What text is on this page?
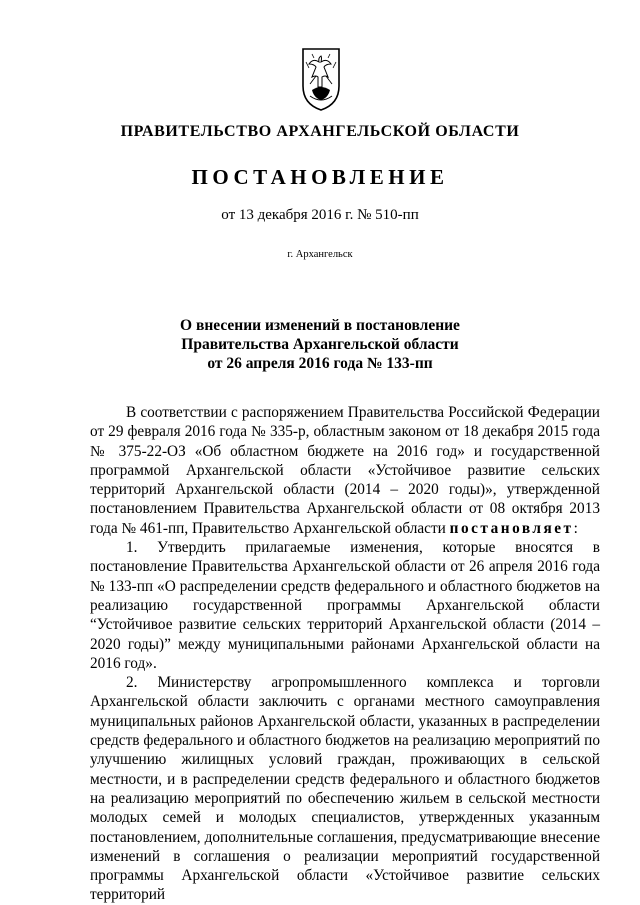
ПРАВИТЕЛЬСТВО АРХАНГЕЛЬСКОЙ ОБЛАСТИ
ПОСТАНОВЛЕНИЕ
от 13 декабря 2016 г. № 510-пп
г. Архангельск
О внесении изменений в постановление
Правительства Архангельской области
от 26 апреля 2016 года № 133-пп

В соответствии с распоряжением Правительства Российской Федерации от 29 февраля 2016 года № 335-р, областным законом от 18 декабря 2015 года № 375-22-ОЗ «Об областном бюджете на 2016 год» и государственной программой Архангельской области «Устойчивое развитие сельских территорий Архангельской области (2014 – 2020 годы)», утвержденной постановлением Правительства Архангельской области от 08 октября 2013 года № 461-пп, Правительство Архангельской области постановляет:

1. Утвердить прилагаемые изменения, которые вносятся в постановление Правительства Архангельской области от 26 апреля 2016 года № 133-пп «О распределении средств федерального и областного бюджетов на реализацию государственной программы Архангельской области “Устойчивое развитие сельских территорий Архангельской области (2014 – 2020 годы)” между муниципальными районами Архангельской области на 2016 год».

2. Министерству агропромышленного комплекса и торговли Архангельской области заключить с органами местного самоуправления муниципальных районов Архангельской области, указанных в распределении средств федерального и областного бюджетов на реализацию мероприятий по улучшению жилищных условий граждан, проживающих в сельской местности, и в распределении средств федерального и областного бюджетов на реализацию мероприятий по обеспечению жильем в сельской местности молодых семей и молодых специалистов, утвержденных указанным постановлением, дополнительные соглашения, предусматривающие внесение изменений в соглашения о реализации мероприятий государственной программы Архангельской области «Устойчивое развитие сельских территорий
